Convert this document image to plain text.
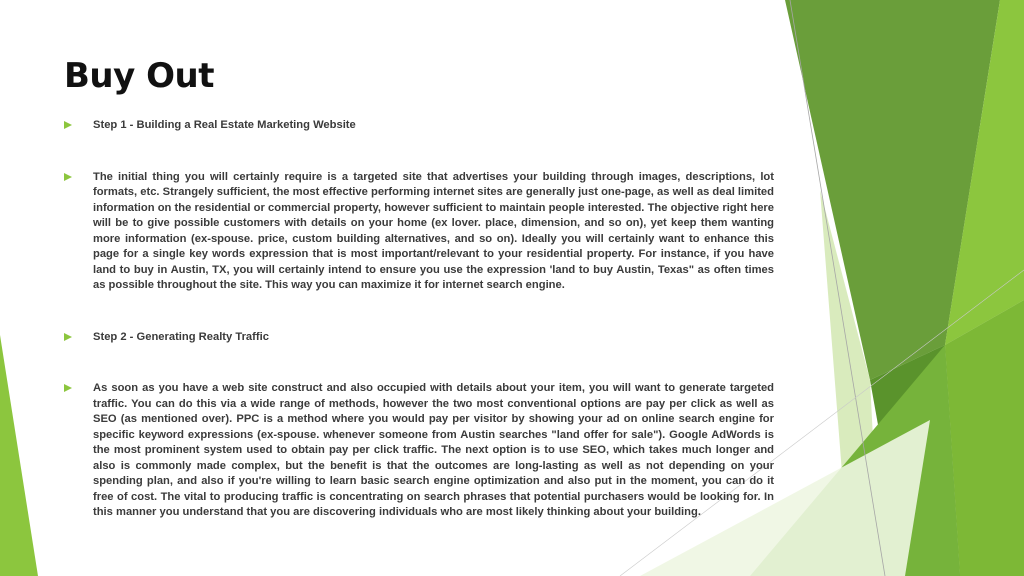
Buy Out
Step 1 - Building a Real Estate Marketing Website
The initial thing you will certainly require is a targeted site that advertises your building through images, descriptions, lot formats, etc. Strangely sufficient, the most effective performing internet sites are generally just one-page, as well as deal limited information on the residential or commercial property, however sufficient to maintain people interested. The objective right here will be to give possible customers with details on your home (ex lover. place, dimension, and so on), yet keep them wanting more information (ex-spouse. price, custom building alternatives, and so on). Ideally you will certainly want to enhance this page for a single key words expression that is most important/relevant to your residential property. For instance, if you have land to buy in Austin, TX, you will certainly intend to ensure you use the expression 'land to buy Austin, Texas" as often times as possible throughout the site. This way you can maximize it for internet search engine.
Step 2 - Generating Realty Traffic
As soon as you have a web site construct and also occupied with details about your item, you will want to generate targeted traffic. You can do this via a wide range of methods, however the two most conventional options are pay per click as well as SEO (as mentioned over). PPC is a method where you would pay per visitor by showing your ad on online search engine for specific keyword expressions (ex-spouse. whenever someone from Austin searches "land offer for sale"). Google AdWords is the most prominent system used to obtain pay per click traffic. The next option is to use SEO, which takes much longer and also is commonly made complex, but the benefit is that the outcomes are long-lasting as well as not depending on your spending plan, and also if you're willing to learn basic search engine optimization and also put in the moment, you can do it free of cost. The vital to producing traffic is concentrating on search phrases that potential purchasers would be looking for. In this manner you understand that you are discovering individuals who are most likely thinking about your building.
